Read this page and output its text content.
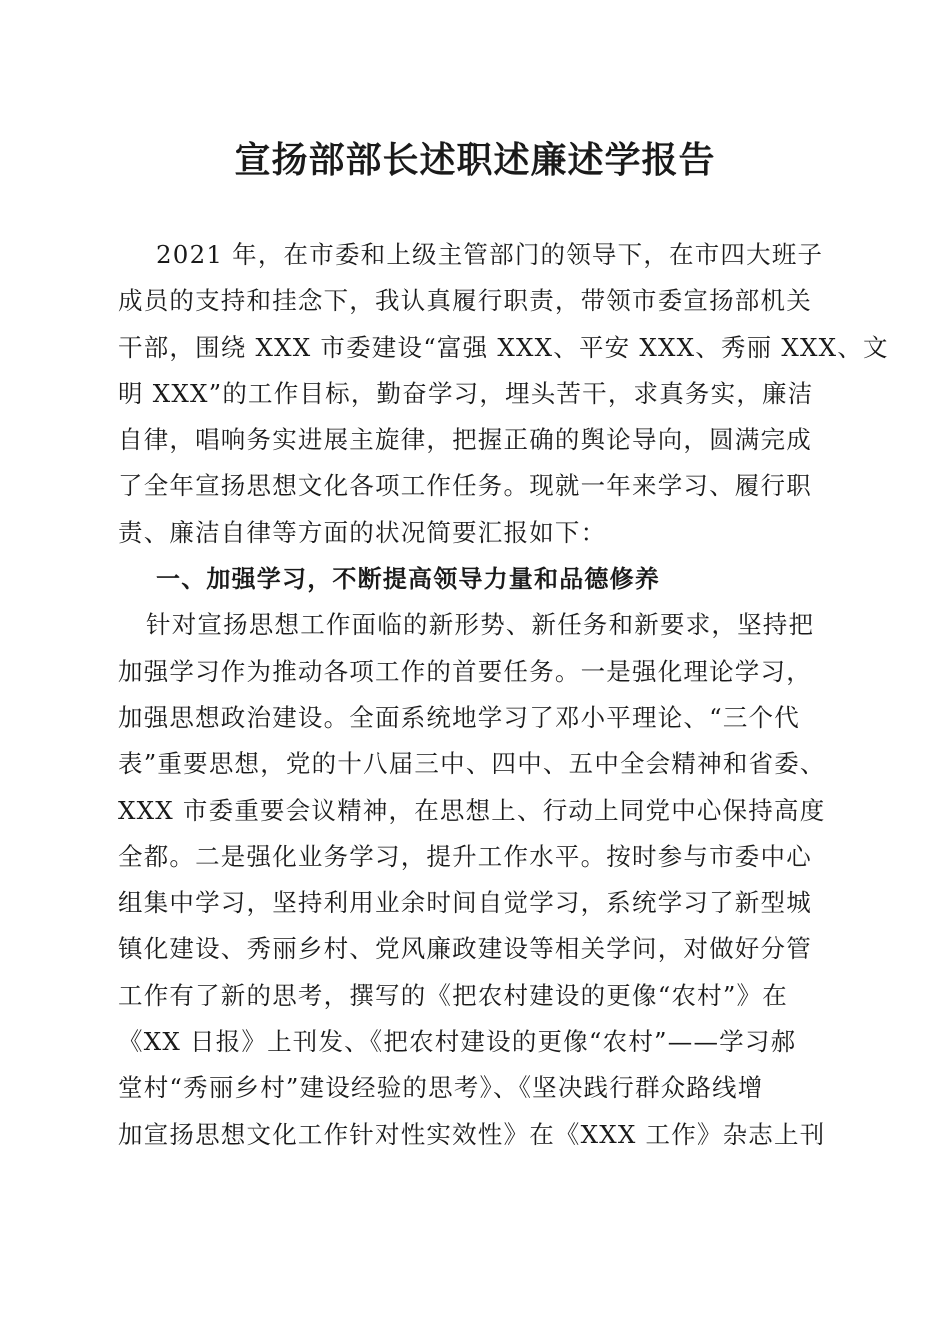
宣扬部部长述职述廉述学报告
2021 年，在市委和上级主管部门的领导下，在市四大班子
成员的支持和挂念下，我认真履行职责，带领市委宣扬部机关
干部，围绕 XXX 市委建设“富强 XXX、平安 XXX、秀丽 XXX、文
明 XXX”的工作目标，勤奋学习，埋头苦干，求真务实，廉洁
自律，唱响务实进展主旋律，把握正确的舆论导向，圆满完成
了全年宣扬思想文化各项工作任务。现就一年来学习、履行职
责、廉洁自律等方面的状况简要汇报如下：
一、加强学习，不断提高领导力量和品德修养
针对宣扬思想工作面临的新形势、新任务和新要求，坚持把
加强学习作为推动各项工作的首要任务。一是强化理论学习，
加强思想政治建设。全面系统地学习了邓小平理论、“三个代
表”重要思想，党的十八届三中、四中、五中全会精神和省委、
XXX 市委重要会议精神，在思想上、行动上同党中心保持高度
全都。二是强化业务学习，提升工作水平。按时参与市委中心
组集中学习，坚持利用业余时间自觉学习，系统学习了新型城
镇化建设、秀丽乡村、党风廉政建设等相关学问，对做好分管
工作有了新的思考，撰写的《把农村建设的更像“农村”》在
《XX 日报》上刊发、《把农村建设的更像“农村”——学习郝
堂村“秀丽乡村”建设经验的思考》、《坚决践行群众路线增
加宣扬思想文化工作针对性实效性》在《XXX 工作》杂志上刊
